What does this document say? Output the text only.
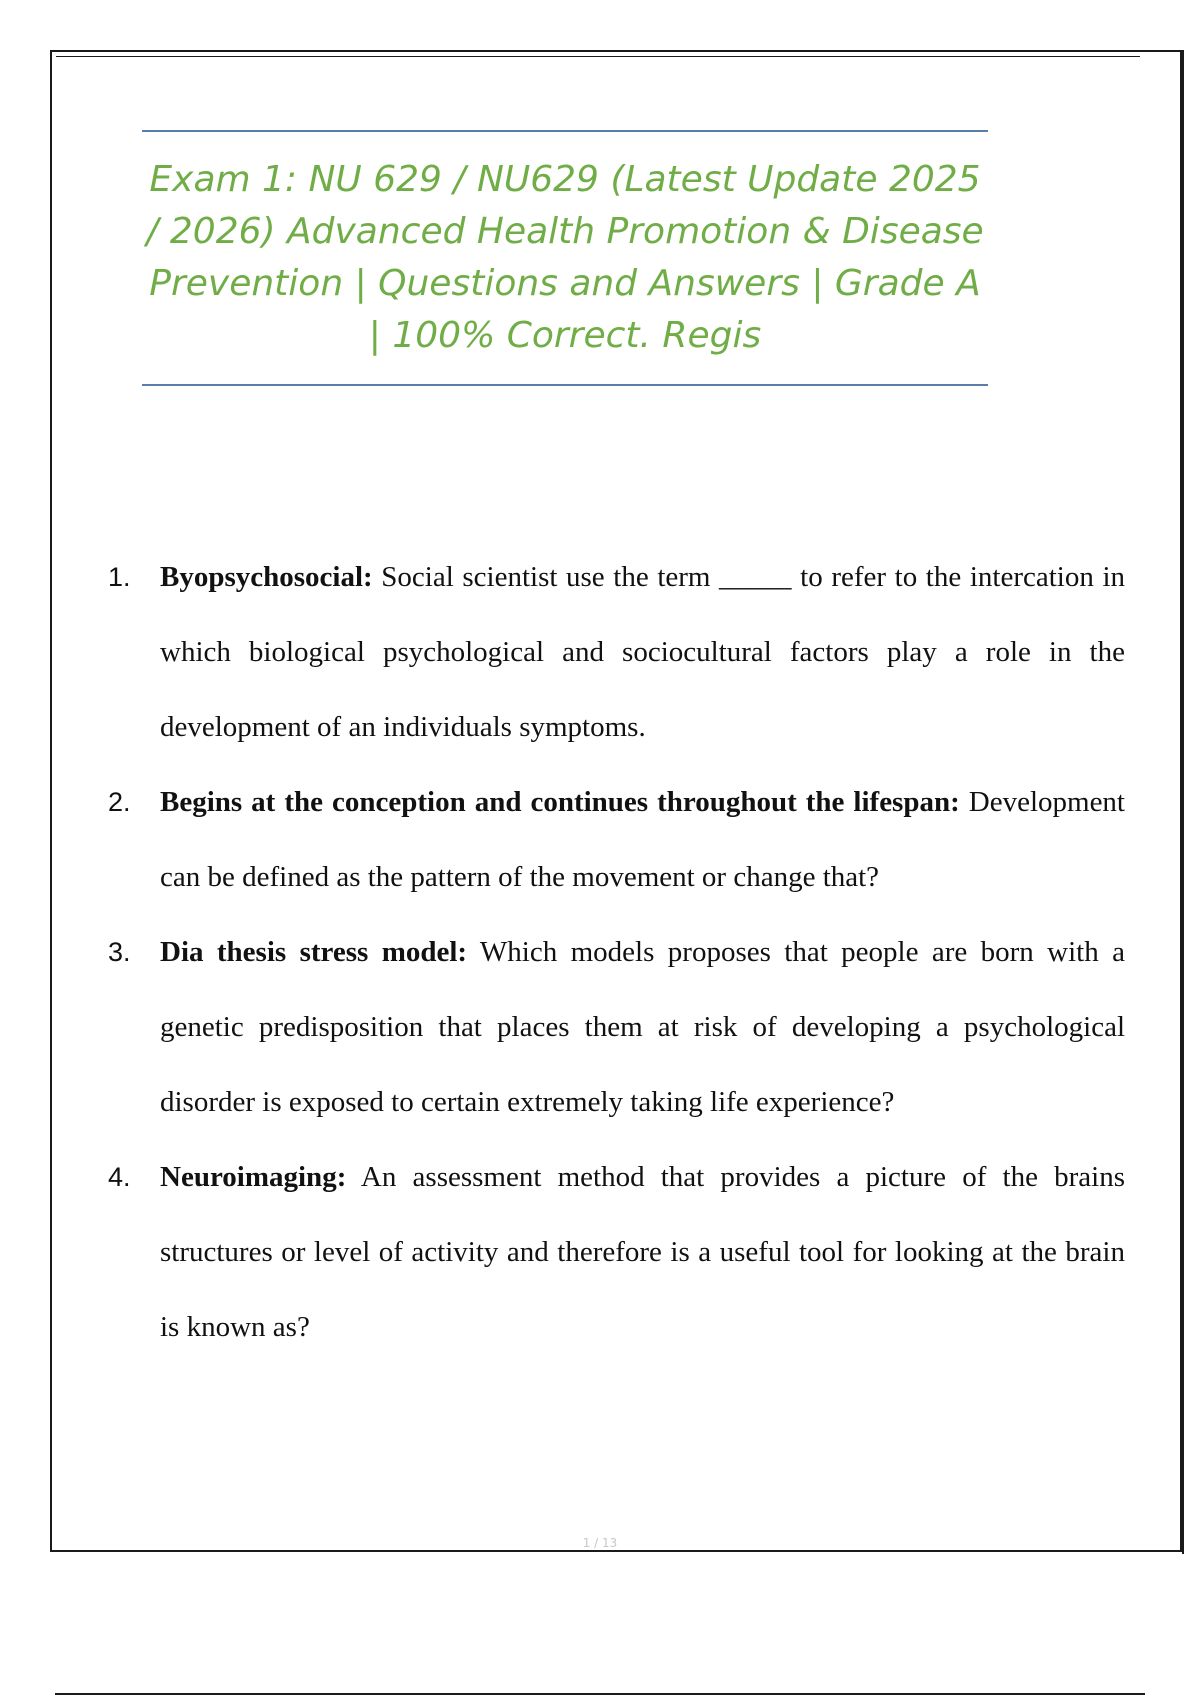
Exam 1: NU 629 / NU629 (Latest Update 2025 / 2026) Advanced Health Promotion & Disease Prevention | Questions and Answers | Grade A | 100% Correct. Regis
1. Byopsychosocial: Social scientist use the term _____ to refer to the intercation in which biological psychological and sociocultural factors play a role in the development of an individuals symptoms.
2. Begins at the conception and continues throughout the lifespan: Development can be defined as the pattern of the movement or change that?
3. Dia thesis stress model: Which models proposes that people are born with a genetic predisposition that places them at risk of developing a psychological disorder is exposed to certain extremely taking life experience?
4. Neuroimaging: An assessment method that provides a picture of the brains structures or level of activity and therefore is a useful tool for looking at the brain is known as?
1 / 13
